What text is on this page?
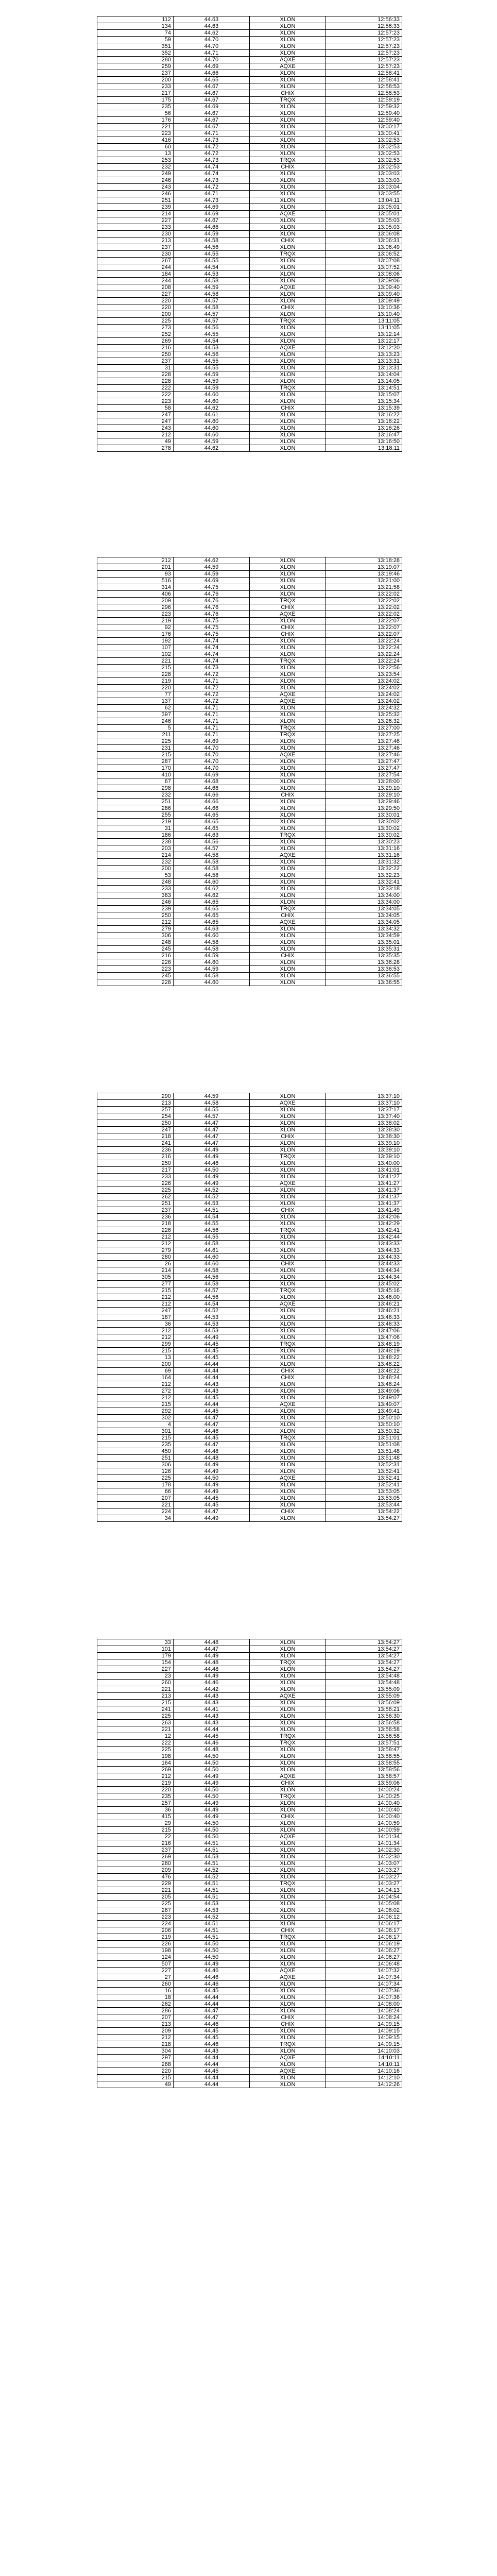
112	44.63	XLON	12:56:33
134	44.63	XLON	12:56:33
74	44.62	XLON	12:57:23
59	44.70	XLON	12:57:23
351	44.70	XLON	12:57:23
352	44.71	XLON	12:57:23
280	44.70	AQXE	12:57:23
259	44.69	AQXE	12:57:23
237	44.66	XLON	12:58:41
200	44.65	XLON	12:58:41
233	44.67	XLON	12:58:53
217	44.67	CHIX	12:58:53
175	44.67	TRQX	12:59:19
235	44.69	XLON	12:59:32
56	44.67	XLON	12:59:40
176	44.67	XLON	12:59:40
221	44.67	XLON	13:00:17
223	44.71	XLON	13:00:41
416	44.73	XLON	13:02:53
60	44.72	XLON	13:02:53
13	44.72	XLON	13:02:53
253	44.73	TRQX	13:02:53
232	44.74	CHIX	13:02:53
249	44.74	XLON	13:03:03
246	44.73	XLON	13:03:03
243	44.72	XLON	13:03:04
246	44.71	XLON	13:03:55
251	44.73	XLON	13:04:11
239	44.69	XLON	13:05:01
214	44.69	AQXE	13:05:01
227	44.67	XLON	13:05:03
233	44.66	XLON	13:05:03
230	44.59	XLON	13:06:08
213	44.58	CHIX	13:06:31
237	44.56	XLON	13:06:49
230	44.55	TRQX	13:06:52
267	44.55	XLON	13:07:08
244	44.54	XLON	13:07:52
184	44.53	XLON	13:08:06
244	44.58	XLON	13:09:06
208	44.59	AQXE	13:09:40
227	44.58	XLON	13:09:40
220	44.57	XLON	13:09:49
220	44.58	CHIX	13:10:36
200	44.57	XLON	13:10:40
225	44.57	TRQX	13:11:05
273	44.56	XLON	13:11:05
252	44.55	XLON	13:12:14
269	44.54	XLON	13:12:17
216	44.53	AQXE	13:12:20
250	44.56	XLON	13:13:23
237	44.55	XLON	13:13:31
31	44.55	XLON	13:13:31
228	44.59	XLON	13:14:04
228	44.59	XLON	13:14:05
222	44.59	TRQX	13:14:51
222	44.60	XLON	13:15:07
223	44.60	XLON	13:15:34
58	44.62	CHIX	13:15:39
247	44.61	XLON	13:16:22
247	44.60	XLON	13:16:22
243	44.60	XLON	13:16:26
212	44.60	XLON	13:16:47
49	44.59	XLON	13:16:50
278	44.62	XLON	13:18:11
212	44.62	XLON	13:18:28
201	44.59	XLON	13:19:07
93	44.59	XLON	13:19:46
516	44.69	XLON	13:21:00
314	44.75	XLON	13:21:58
406	44.76	XLON	13:22:02
209	44.76	TRQX	13:22:02
296	44.76	CHIX	13:22:02
223	44.76	AQXE	13:22:02
219	44.75	XLON	13:22:07
92	44.75	CHIX	13:22:07
176	44.75	CHIX	13:22:07
192	44.74	XLON	13:22:24
107	44.74	XLON	13:22:24
102	44.74	XLON	13:22:24
221	44.74	TRQX	13:22:24
215	44.73	XLON	13:22:56
228	44.72	XLON	13:23:54
219	44.71	XLON	13:24:02
220	44.72	XLON	13:24:02
77	44.72	AQXE	13:24:02
137	44.72	AQXE	13:24:02
62	44.71	XLON	13:24:32
397	44.71	XLON	13:25:32
246	44.71	XLON	13:26:32
5	44.71	TRQX	13:27:00
211	44.71	TRQX	13:27:25
225	44.69	XLON	13:27:46
231	44.70	XLON	13:27:46
215	44.70	AQXE	13:27:46
287	44.70	XLON	13:27:47
170	44.70	XLON	13:27:47
410	44.69	XLON	13:27:54
67	44.68	XLON	13:28:00
298	44.66	XLON	13:29:10
232	44.66	CHIX	13:29:10
251	44.66	XLON	13:29:46
286	44.66	XLON	13:29:50
255	44.65	XLON	13:30:01
219	44.65	XLON	13:30:02
31	44.65	XLON	13:30:02
186	44.63	TRQX	13:30:02
238	44.56	XLON	13:30:23
203	44.57	XLON	13:31:16
214	44.58	AQXE	13:31:16
232	44.58	XLON	13:31:32
200	44.58	XLON	13:32:22
53	44.58	XLON	13:32:23
248	44.60	XLON	13:32:41
233	44.62	XLON	13:33:18
363	44.62	XLON	13:34:00
246	44.65	XLON	13:34:00
239	44.65	TRQX	13:34:05
250	44.65	CHIX	13:34:05
212	44.65	AQXE	13:34:05
279	44.63	XLON	13:34:32
306	44.60	XLON	13:34:59
248	44.58	XLON	13:35:01
245	44.58	XLON	13:35:31
216	44.59	CHIX	13:35:35
226	44.60	XLON	13:36:28
223	44.59	XLON	13:36:53
245	44.58	XLON	13:36:55
228	44.60	XLON	13:36:55
290	44.59	XLON	13:37:10
213	44.58	AQXE	13:37:10
257	44.55	XLON	13:37:17
254	44.57	XLON	13:37:40
250	44.47	XLON	13:38:02
247	44.47	XLON	13:38:30
218	44.47	CHIX	13:38:30
241	44.47	XLON	13:39:10
236	44.49	XLON	13:39:10
216	44.49	TRQX	13:39:10
250	44.46	XLON	13:40:00
217	44.50	XLON	13:41:01
233	44.49	XLON	13:41:27
226	44.49	AQXE	13:41:27
225	44.52	XLON	13:41:37
262	44.52	XLON	13:41:37
251	44.53	XLON	13:41:37
237	44.51	CHIX	13:41:49
236	44.54	XLON	13:42:06
218	44.55	XLON	13:42:29
226	44.56	TRQX	13:42:41
212	44.55	XLON	13:42:44
212	44.58	XLON	13:43:33
279	44.61	XLON	13:44:33
280	44.60	XLON	13:44:33
26	44.60	CHIX	13:44:33
214	44.58	XLON	13:44:34
305	44.56	XLON	13:44:34
277	44.58	XLON	13:45:02
215	44.57	TRQX	13:45:16
212	44.56	XLON	13:46:00
212	44.54	AQXE	13:46:21
247	44.52	XLON	13:46:21
187	44.53	XLON	13:46:33
36	44.53	XLON	13:46:33
212	44.53	XLON	13:47:06
212	44.49	XLON	13:47:06
299	44.45	TRQX	13:48:19
215	44.45	XLON	13:48:19
13	44.45	XLON	13:48:22
200	44.44	XLON	13:48:22
69	44.44	CHIX	13:48:22
164	44.44	CHIX	13:48:24
212	44.43	XLON	13:48:24
272	44.43	XLON	13:49:06
212	44.45	XLON	13:49:07
215	44.44	AQXE	13:49:07
292	44.45	XLON	13:49:41
302	44.47	XLON	13:50:10
4	44.47	XLON	13:50:10
301	44.46	XLON	13:50:32
215	44.45	TRQX	13:51:01
235	44.47	XLON	13:51:08
450	44.48	XLON	13:51:48
251	44.48	XLON	13:51:48
306	44.49	XLON	13:52:31
126	44.49	XLON	13:52:41
225	44.50	AQXE	13:52:41
178	44.49	XLON	13:52:41
66	44.49	XLON	13:53:05
207	44.45	XLON	13:53:05
221	44.45	XLON	13:53:44
224	44.47	CHIX	13:54:22
34	44.49	XLON	13:54:27
33	44.48	XLON	13:54:27
101	44.47	XLON	13:54:27
179	44.49	XLON	13:54:27
154	44.48	TRQX	13:54:27
227	44.48	XLON	13:54:27
23	44.49	XLON	13:54:48
260	44.46	XLON	13:54:48
221	44.42	XLON	13:55:09
213	44.43	AQXE	13:55:09
215	44.43	XLON	13:56:09
241	44.41	XLON	13:56:21
225	44.43	XLON	13:56:30
263	44.43	XLON	13:56:58
221	44.44	XLON	13:56:58
12	44.45	TRQX	13:56:58
222	44.46	TRQX	13:57:51
225	44.48	XLON	13:58:47
198	44.50	XLON	13:58:55
164	44.50	XLON	13:58:55
269	44.50	XLON	13:58:56
212	44.49	AQXE	13:58:57
219	44.49	CHIX	13:59:06
220	44.50	XLON	14:00:24
235	44.50	TRQX	14:00:25
257	44.49	XLON	14:00:40
36	44.49	XLON	14:00:40
415	44.49	CHIX	14:00:40
29	44.50	XLON	14:00:59
215	44.50	XLON	14:00:59
22	44.50	AQXE	14:01:34
216	44.51	XLON	14:01:34
237	44.51	XLON	14:02:30
269	44.53	XLON	14:02:30
280	44.51	XLON	14:03:07
209	44.52	XLON	14:03:27
476	44.52	XLON	14:03:27
229	44.51	TRQX	14:03:27
221	44.51	XLON	14:04:13
205	44.51	XLON	14:04:54
225	44.53	XLON	14:05:08
267	44.53	XLON	14:06:02
223	44.52	XLON	14:06:12
224	44.51	XLON	14:06:17
206	44.51	CHIX	14:06:17
219	44.51	TRQX	14:06:17
226	44.50	XLON	14:06:19
198	44.50	XLON	14:06:27
124	44.50	XLON	14:06:27
507	44.49	XLON	14:06:48
227	44.46	AQXE	14:07:32
27	44.46	AQXE	14:07:34
260	44.46	XLON	14:07:34
16	44.45	XLON	14:07:36
18	44.44	XLON	14:07:36
262	44.44	XLON	14:08:00
286	44.47	XLON	14:08:24
207	44.47	CHIX	14:08:24
213	44.46	CHIX	14:09:15
209	44.45	XLON	14:09:15
212	44.45	XLON	14:09:15
218	44.46	TRQX	14:09:15
304	44.43	XLON	14:10:03
297	44.44	AQXE	14:10:11
268	44.44	XLON	14:10:11
220	44.45	AQXE	14:10:16
215	44.44	XLON	14:12:10
49	44.44	XLON	14:12:26
